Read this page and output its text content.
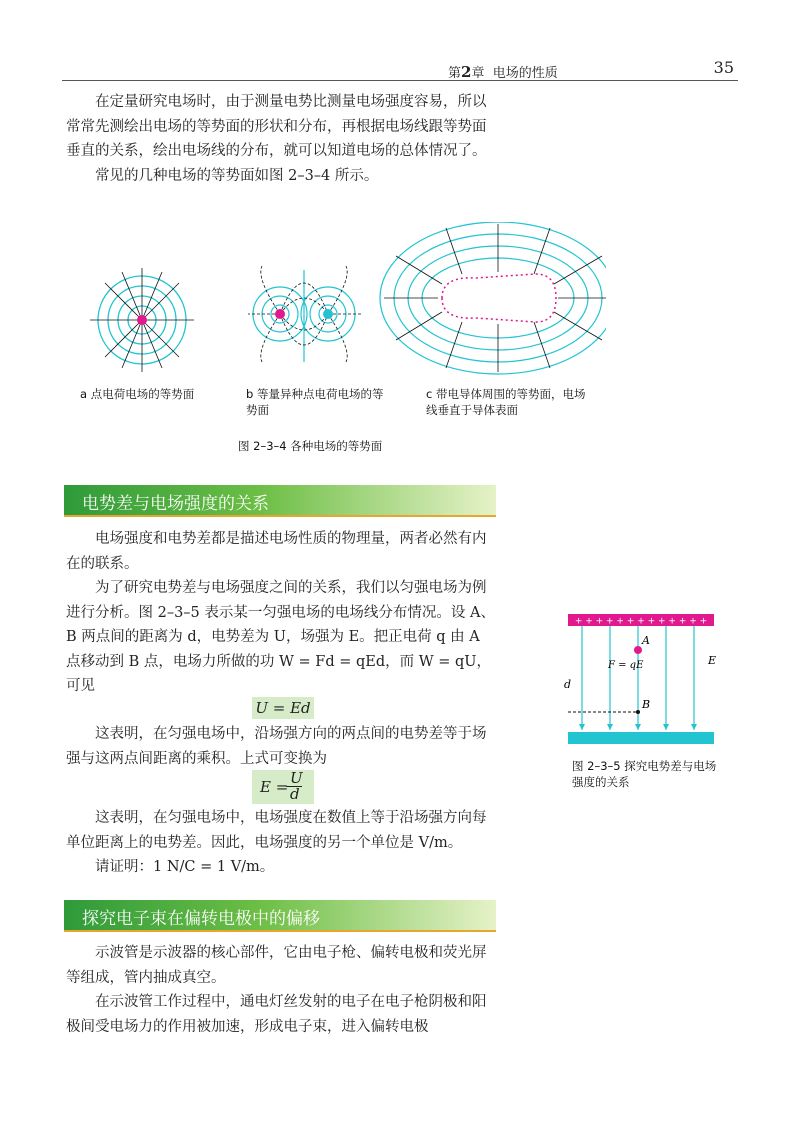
第2章 电场的性质	35

在定量研究电场时，由于测量电势比测量电场强度容易，所以常常先测绘出电场的等势面的形状和分布，再根据电场线跟等势面垂直的关系，绘出电场线的分布，就可以知道电场的总体情况了。

常见的几种电场的等势面如图 2–3–4 所示。

a 点电荷电场的等势面	b 等量异种点电荷电场的等势面
c 带电导体周围的等势面，电场线垂直于导体表面
图 2–3–4 各种电场的等势面
电势差与电场强度的关系

电场强度和电势差都是描述电场性质的物理量，两者必然有内在的联系。

为了研究电势差与电场强度之间的关系，我们以匀强电场为例进行分析。图 2–3–5 表示某一匀强电场的电场线分布情况。设 A、B 两点间的距离为 d，电势差为 U，场强为 E。把正电荷 q 由 A 点移动到 B 点，电场力所做的功 W = Fd = qEd，而 W = qU，可见

U = Ed

这表明，在匀强电场中，沿场强方向的两点间的电势差等于场强与这两点间距离的乘积。上式可变换为

E = U
d

这表明，在匀强电场中，电场强度在数值上等于沿场强方向每单位距离上的电势差。因此，电场强度的另一个单位是 V/m。

请证明：1 N/C = 1 V/m。

+ + + + + + + + + + + + +
A
B
F = qE
d
E
图 2–3–5 探究电势差与电场强度的关系
探究电子束在偏转电极中的偏移

示波管是示波器的核心部件，它由电子枪、偏转电极和荧光屏等组成，管内抽成真空。

在示波管工作过程中，通电灯丝发射的电子在电子枪阴极和阳极间受电场力的作用被加速，形成电子束，进入偏转电极
